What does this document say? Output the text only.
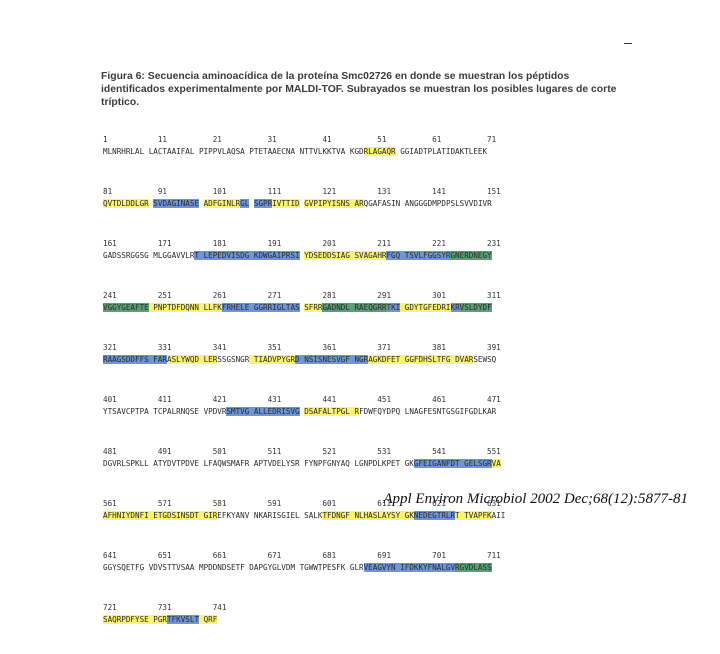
Figura 6: Secuencia aminoacídica de la proteína Smc02726 en donde se muestran los péptidos identificados experimentalmente por MALDI-TOF. Subrayados se muestran los posibles lugares de corte tríptico.
1           11          21          31          41          51          61          71
MLNRHRLAL LACTAAIFAL PIPPVLAQSA PTETAAECNA NTTVLKKTVA KGDRLAGAQR GGIADTPLATIDAKTLEEK
81          91          101         111         121         131         141         151
QVTDLDDLGR SVDAGINASE ADFGINLRGL SGPRIVTTID GVPIPYISNS ARQGAFASIN ANGGGDMPDPSLSVVDIVR
161         171         181         191         201         211         221         231
GADSSRGGSG MLGGAVVLRT LEPEDVISDG KDWGAIPRSI YDSEDDSIAG SVAGAHRFGQ TSVLFGGSYRGNERDNEGY
241         251         261         271         281         291         301         311
VGGYGEAFTE PNPTDFDQNN LLFKFRHELE GGRRIGLTAS SFRRGADNDL RAEQGRRTKI GDYTGFEDRIKRVSLDYDF
321         331         341         351         361         371         381         391
RAAGSDDFFS FARASLYWQD LERSSGSNGR TIADVPYGRD NSISNESVGF NGRAGKDFET GGFDHSLTFG DVARSEWSQ
401         411         421         431         441         451         461         471
YTSAVCPTPA TCPALRNQSE VPDVRSMTVG ALLEDRISVG DSAFALTPGL RFDWFQYDPQ LNAGFESNTGSGIFGDLKAR
481         491         501         511         521         531         541         551
DGVRLSPKLL ATYDVTPDVE LFAQWSMAFR APTVDELYSR FYNPFGNYAQ LGNPDLKPET GKGFEIGANFDT GELSGRVA
561         571         581         591         601         611         621         631
AFHNIYDNFI ETGDSINSDT GIREFKYANV NKARISGIEL SALKTFDNGF NLHASLAYSY GKNEDEGTRLRT TVAPFKAII
641         651         661         671         681         691         701         711
GGYSQETFG VDVSTTVSAA MPDDNDSETF DAPGYGLVDM TGWWTPESFK GLRVEAGVYN IFDKKYFNALGVRGVDLASS
721         731         741
SAQRPDFYSE PGRTFKVSLT QRF
Appl Environ Microbiol 2002 Dec;68(12):5877-81
